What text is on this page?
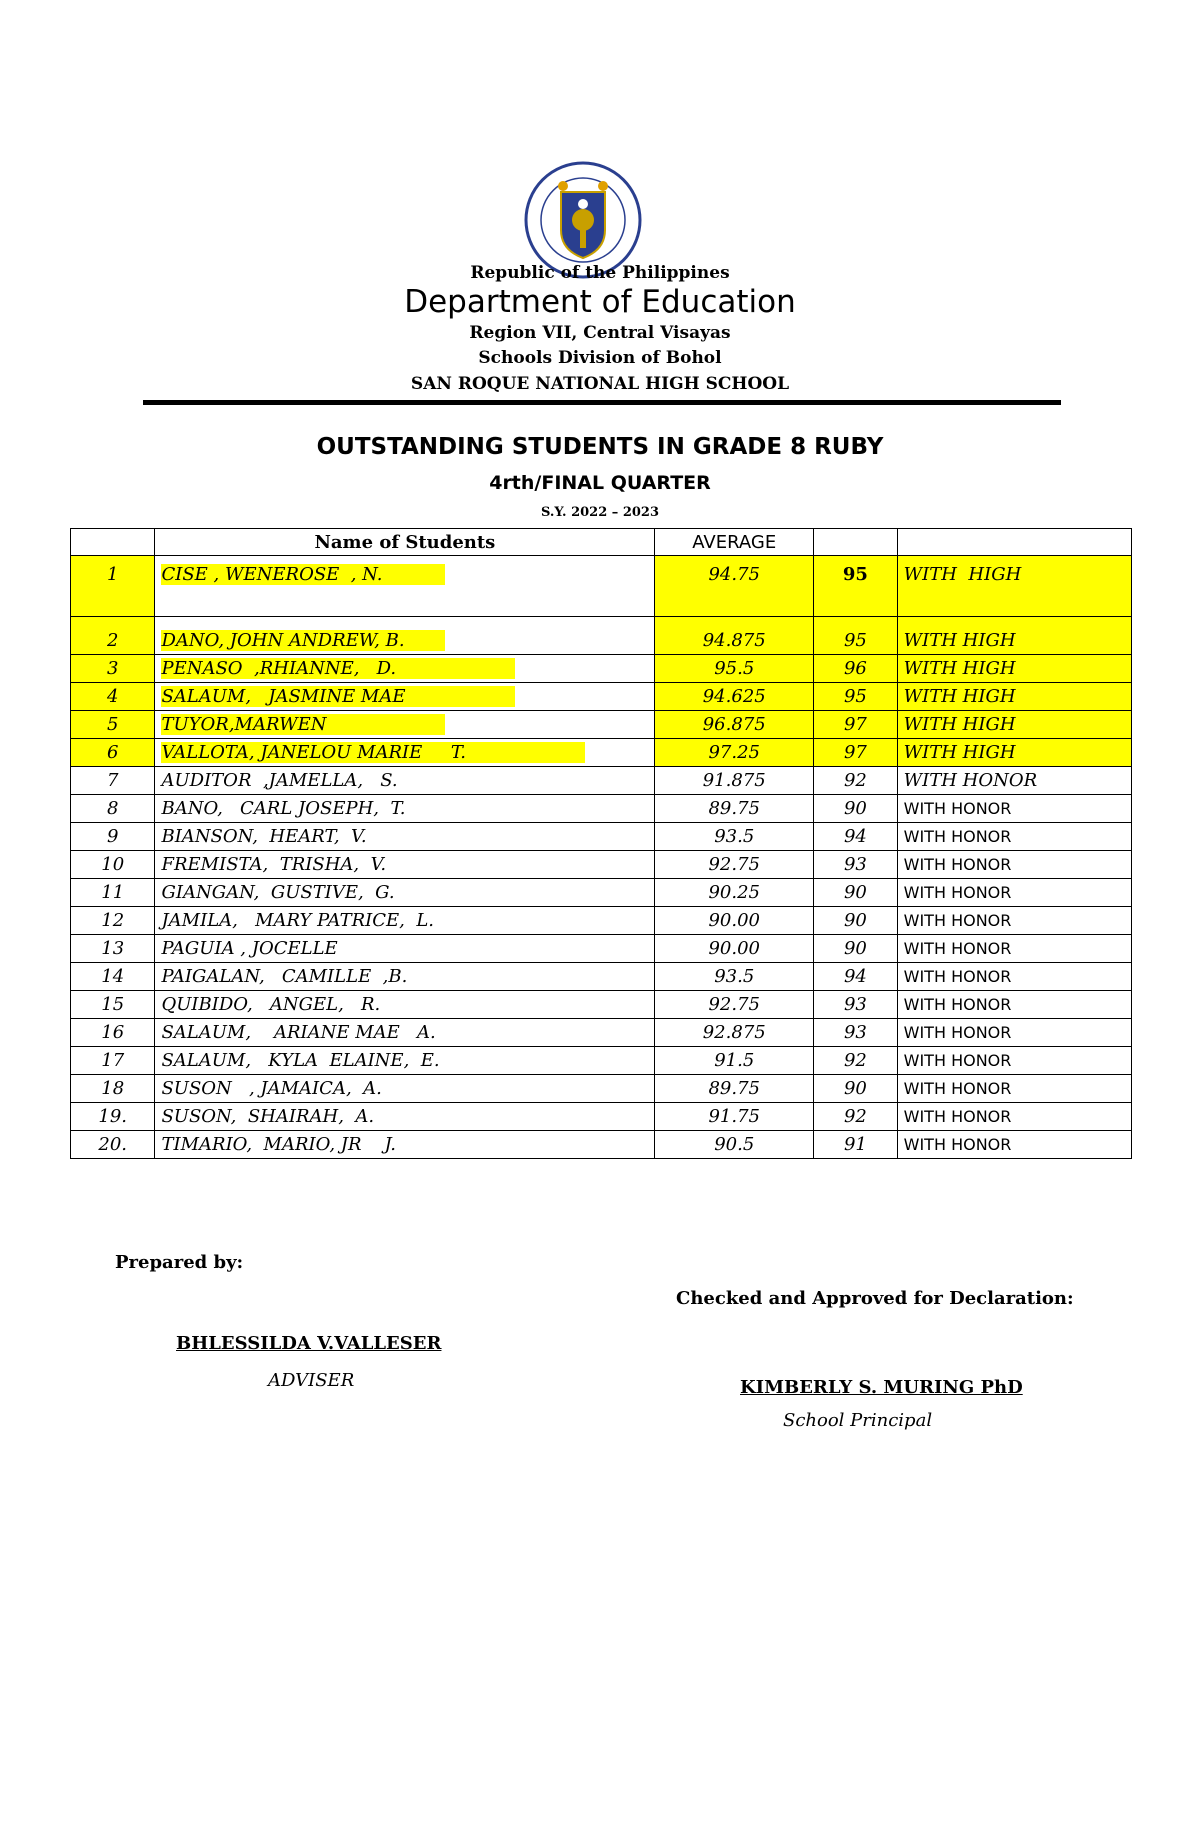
Republic of the Philippines
Department of Education
Region VII, Central Visayas
Schools Division of Bohol
SAN ROQUE NATIONAL HIGH SCHOOL
OUTSTANDING STUDENTS IN GRADE 8 RUBY
4rth/FINAL QUARTER
S.Y. 2022 – 2023
	Name of Students	AVERAGE		
1	CISE , WENEROSE  , N.	94.75	95	WITH  HIGH
2	DANO, JOHN ANDREW, B.	94.875	95	WITH HIGH
3	PENASO  ,RHIANNE,   D.	95.5	96	WITH HIGH
4	SALAUM,   JASMINE MAE	94.625	95	WITH HIGH
5	TUYOR,MARWEN	96.875	97	WITH HIGH
6	VALLOTA, JANELOU MARIE     T.	97.25	97	WITH HIGH
7	AUDITOR  ,JAMELLA,   S.	91.875	92	WITH HONOR
8	BANO,   CARL JOSEPH,  T.	89.75	90	WITH HONOR
9	BIANSON,  HEART,  V.	93.5	94	WITH HONOR
10	FREMISTA,  TRISHA,  V.	92.75	93	WITH HONOR
11	GIANGAN,  GUSTIVE,  G.	90.25	90	WITH HONOR
12	JAMILA,   MARY PATRICE,  L.	90.00	90	WITH HONOR
13	PAGUIA , JOCELLE	90.00	90	WITH HONOR
14	PAIGALAN,   CAMILLE  ,B.	93.5	94	WITH HONOR
15	QUIBIDO,   ANGEL,   R.	92.75	93	WITH HONOR
16	SALAUM,    ARIANE MAE   A.	92.875	93	WITH HONOR
17	SALAUM,   KYLA  ELAINE,  E.	91.5	92	WITH HONOR
18	SUSON   , JAMAICA,  A.	89.75	90	WITH HONOR
19.	SUSON,  SHAIRAH,  A.	91.75	92	WITH HONOR
20.	TIMARIO,  MARIO, JR    J.	90.5	91	WITH HONOR
Prepared by:
Checked and Approved for Declaration:
BHLESSILDA V.VALLESER
ADVISER	KIMBERLY S. MURING PhD
School Principal
